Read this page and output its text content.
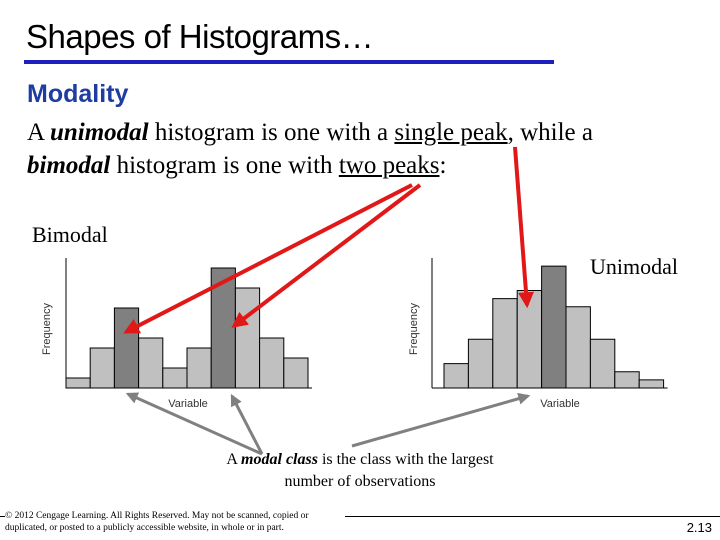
Shapes of Histograms…
Modality
A unimodal histogram is one with a single peak, while a
bimodal histogram is one with two peaks:
Bimodal
Unimodal
Variable
Frequency
Variable
Frequency
A modal class is the class with the largest number of observations
© 2012 Cengage Learning. All Rights Reserved. May not be scanned, copied or duplicated, or posted to a publicly accessible website, in whole or in part.	2.13
